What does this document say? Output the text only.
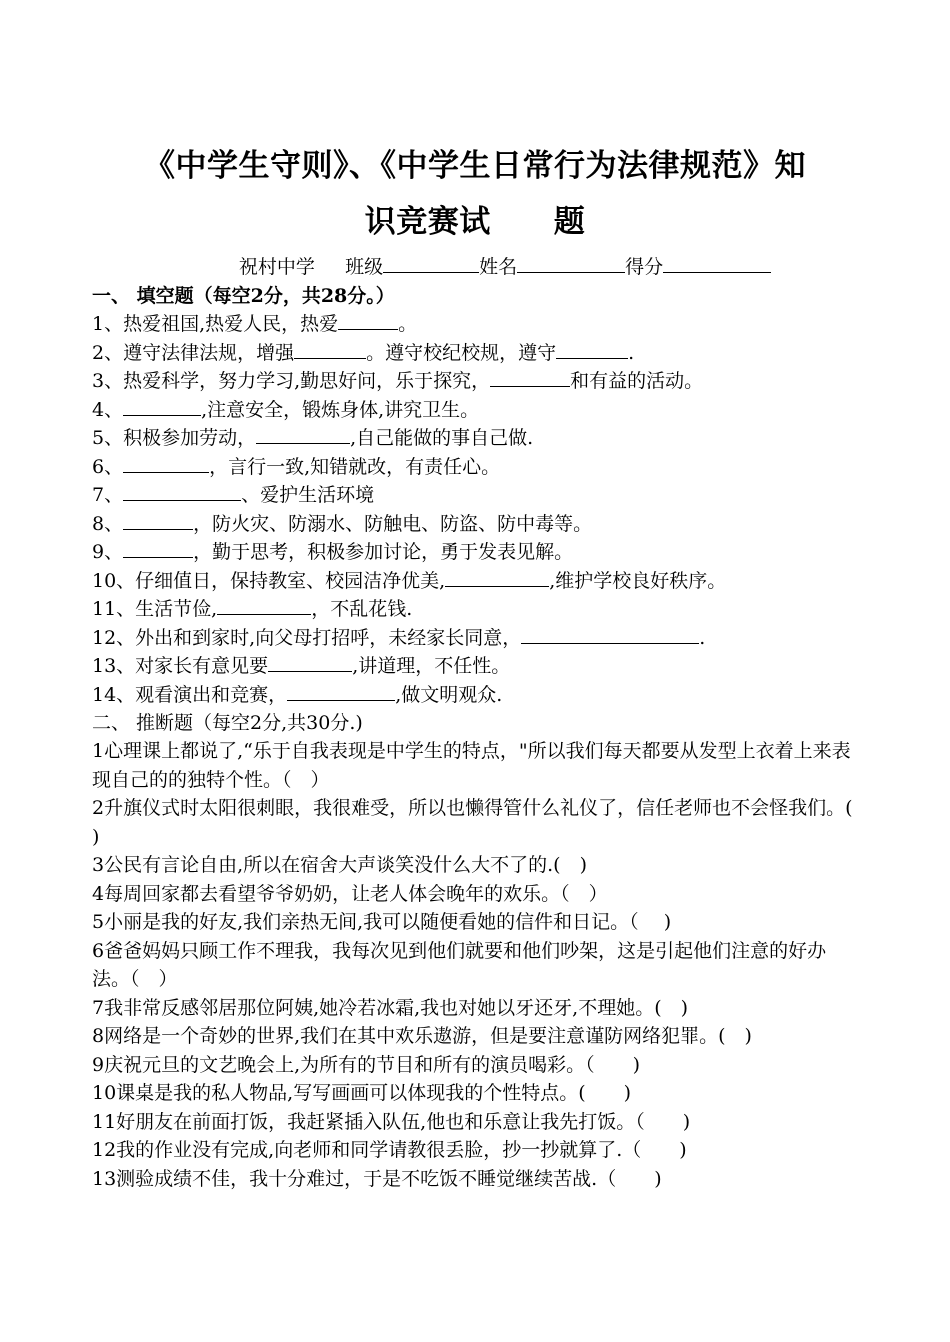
《中学生守则》、《中学生日常行为法律规范》知
识竞赛试　　题
祝村中学 班级	姓名	得分
一、 填空题（每空2分，共28分。）
1、热爱祖国,热爱人民，热爱	。
2、遵守法律法规，增强	。遵守校纪校规，遵守	.
3、热爱科学，努力学习,勤思好问，乐于探究，	和有益的活动。
4、	,注意安全，锻炼身体,讲究卫生。
5、积极参加劳动，	,自己能做的事自己做.
6、	，言行一致,知错就改，有责任心。
7、	、爱护生活环境
8、	，防火灾、防溺水、防触电、防盗、防中毒等。
9、	，勤于思考，积极参加讨论，勇于发表见解。
10、仔细值日，保持教室、校园洁净优美,	,维护学校良好秩序。
11、生活节俭,	，不乱花钱.
12、外出和到家时,向父母打招呼，未经家长同意，	.
13、对家长有意见要	,讲道理，不任性。
14、观看演出和竞赛，	,做文明观众.
二、 推断题（每空2分,共30分.)
1心理课上都说了,“乐于自我表现是中学生的特点，"所以我们每天都要从发型上衣着上来表现自己的的独特个性。（　）
2升旗仪式时太阳很刺眼，我很难受，所以也懒得管什么礼仪了，信任老师也不会怪我们。(　　)
3公民有言论自由,所以在宿舍大声谈笑没什么大不了的.(　)
4每周回家都去看望爷爷奶奶，让老人体会晚年的欢乐。（　）
5小丽是我的好友,我们亲热无间,我可以随便看她的信件和日记。（　 )
6爸爸妈妈只顾工作不理我，我每次见到他们就要和他们吵架，这是引起他们注意的好办法。（　）
7我非常反感邻居那位阿姨,她冷若冰霜,我也对她以牙还牙,不理她。(　)
8网络是一个奇妙的世界,我们在其中欢乐遨游，但是要注意谨防网络犯罪。(　)
9庆祝元旦的文艺晚会上,为所有的节目和所有的演员喝彩。（　　)
10课桌是我的私人物品,写写画画可以体现我的个性特点。(　　)
11好朋友在前面打饭，我赶紧插入队伍,他也和乐意让我先打饭。（　　)
12我的作业没有完成,向老师和同学请教很丢脸，抄一抄就算了.（　　)
13测验成绩不佳，我十分难过，于是不吃饭不睡觉继续苦战.（　　)
